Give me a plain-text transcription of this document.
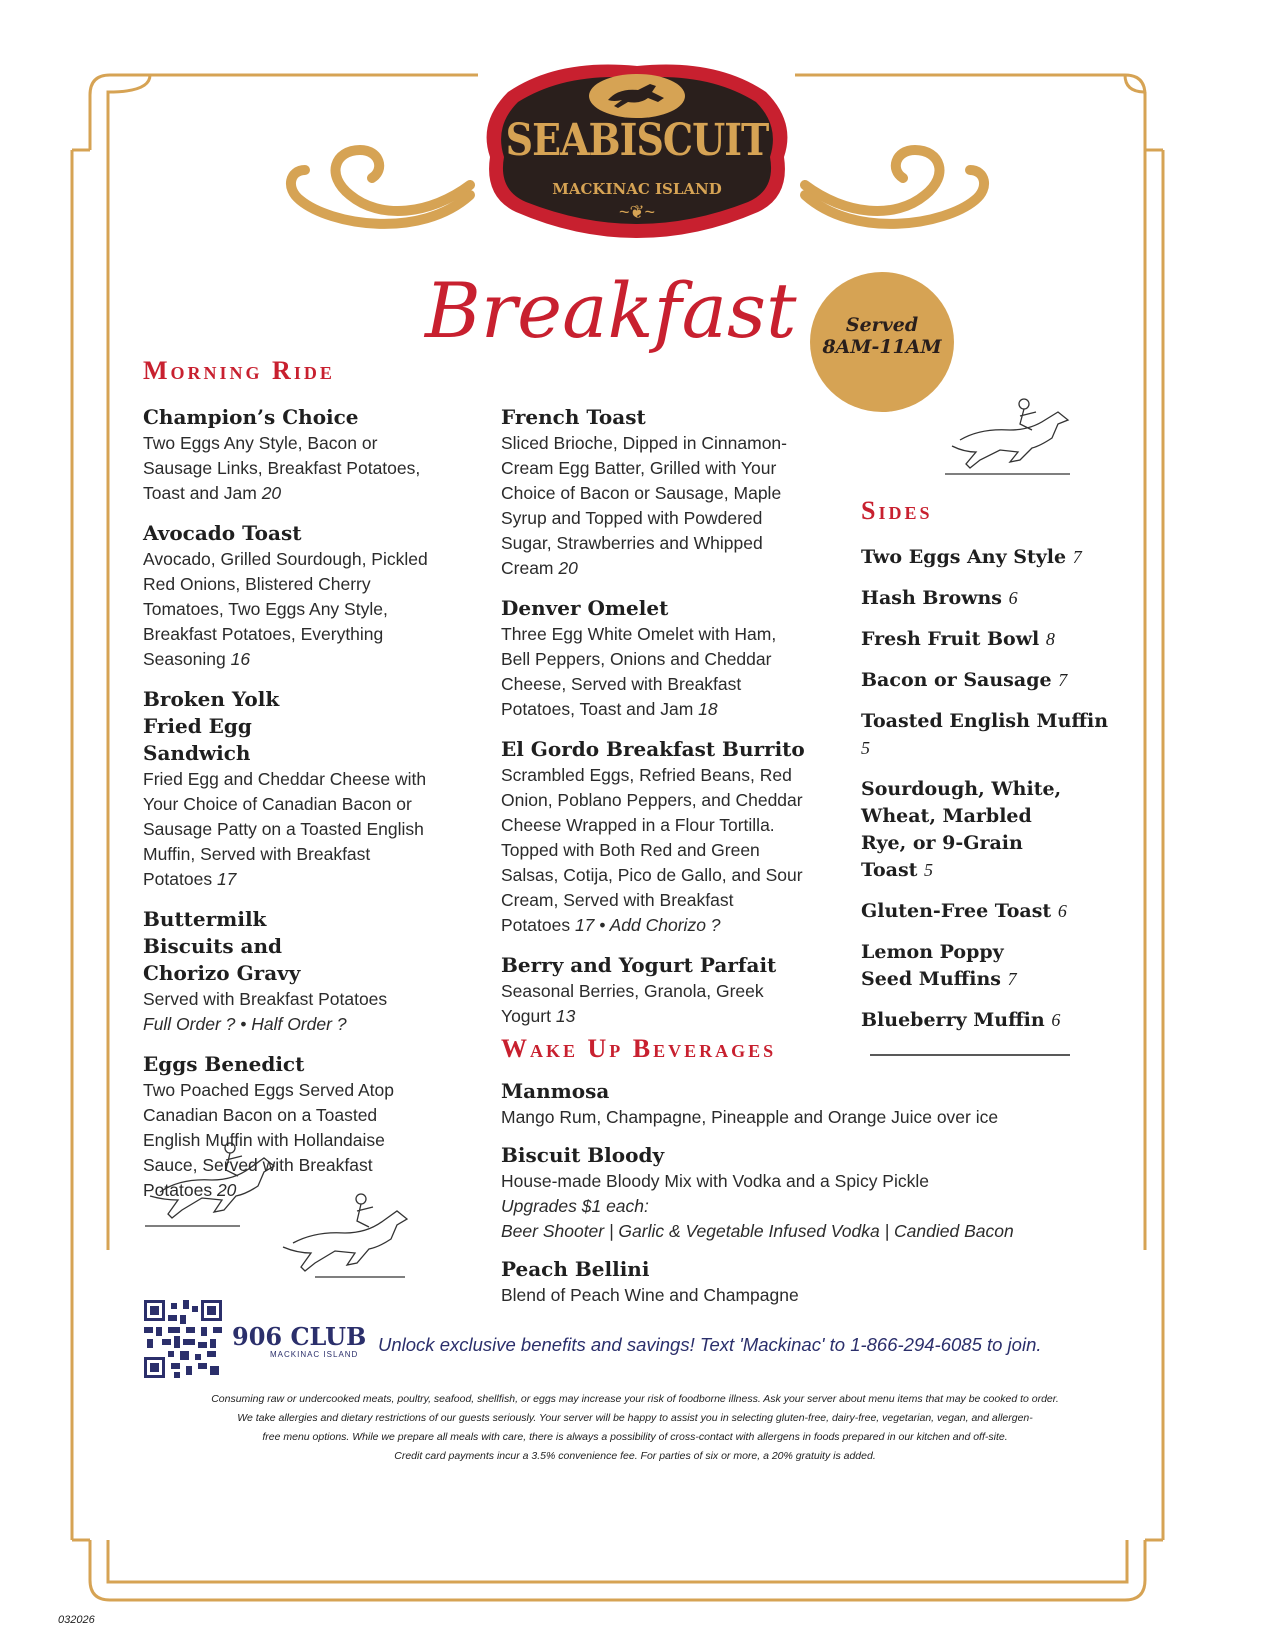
SEABISCUIT
MACKINAC ISLAND
~❦~
Breakfast	Served
8AM-11AM
Morning Ride
Champion’s Choice
Two Eggs Any Style, Bacon or Sausage Links, Breakfast Potatoes, Toast and Jam 20
Avocado Toast
Avocado, Grilled Sourdough, Pickled Red Onions, Blistered Cherry Tomatoes, Two Eggs Any Style, Breakfast Potatoes, Everything Seasoning 16
Broken Yolk Fried Egg Sandwich
Fried Egg and Cheddar Cheese with Your Choice of Canadian Bacon or Sausage Patty on a Toasted English Muffin, Served with Breakfast Potatoes 17
Buttermilk Biscuits and Chorizo Gravy
Served with Breakfast Potatoes
Full Order ? • Half Order ?
Eggs Benedict
Two Poached Eggs Served Atop Canadian Bacon on a Toasted English Muffin with Hollandaise Sauce, Served with Breakfast Potatoes 20
French Toast
Sliced Brioche, Dipped in Cinnamon-Cream Egg Batter, Grilled with Your Choice of Bacon or Sausage, Maple Syrup and Topped with Powdered Sugar, Strawberries and Whipped Cream 20
Denver Omelet
Three Egg White Omelet with Ham, Bell Peppers, Onions and Cheddar Cheese, Served with Breakfast Potatoes, Toast and Jam 18
El Gordo Breakfast Burrito
Scrambled Eggs, Refried Beans, Red Onion, Poblano Peppers, and Cheddar Cheese Wrapped in a Flour Tortilla. Topped with Both Red and Green Salsas, Cotija, Pico de Gallo, and Sour Cream, Served with Breakfast Potatoes 17 • Add Chorizo ?
Berry and Yogurt Parfait
Seasonal Berries, Granola, Greek Yogurt 13
Sides
Two Eggs Any Style 7
Hash Browns 6
Fresh Fruit Bowl 8
Bacon or Sausage 7
Toasted English Muffin 5
Sourdough, White, Wheat, Marbled Rye, or 9-Grain Toast 5
Gluten-Free Toast 6
Lemon Poppy Seed Muffins 7
Blueberry Muffin 6
Wake Up Beverages
Manmosa
Mango Rum, Champagne, Pineapple and Orange Juice over ice
Biscuit Bloody
House-made Bloody Mix with Vodka and a Spicy Pickle
Upgrades $1 each:
Beer Shooter | Garlic & Vegetable Infused Vodka | Candied Bacon
Peach Bellini
Blend of Peach Wine and Champagne
906 CLUB
MACKINAC ISLAND	Unlock exclusive benefits and savings! Text 'Mackinac' to 1-866-294-6085 to join.
Consuming raw or undercooked meats, poultry, seafood, shellfish, or eggs may increase your risk of foodborne illness. Ask your server about menu items that may be cooked to order.
We take allergies and dietary restrictions of our guests seriously. Your server will be happy to assist you in selecting gluten-free, dairy-free, vegetarian, vegan, and allergen-
free menu options. While we prepare all meals with care, there is always a possibility of cross-contact with allergens in foods prepared in our kitchen and off-site.
Credit card payments incur a 3.5% convenience fee. For parties of six or more, a 20% gratuity is added.
032026
